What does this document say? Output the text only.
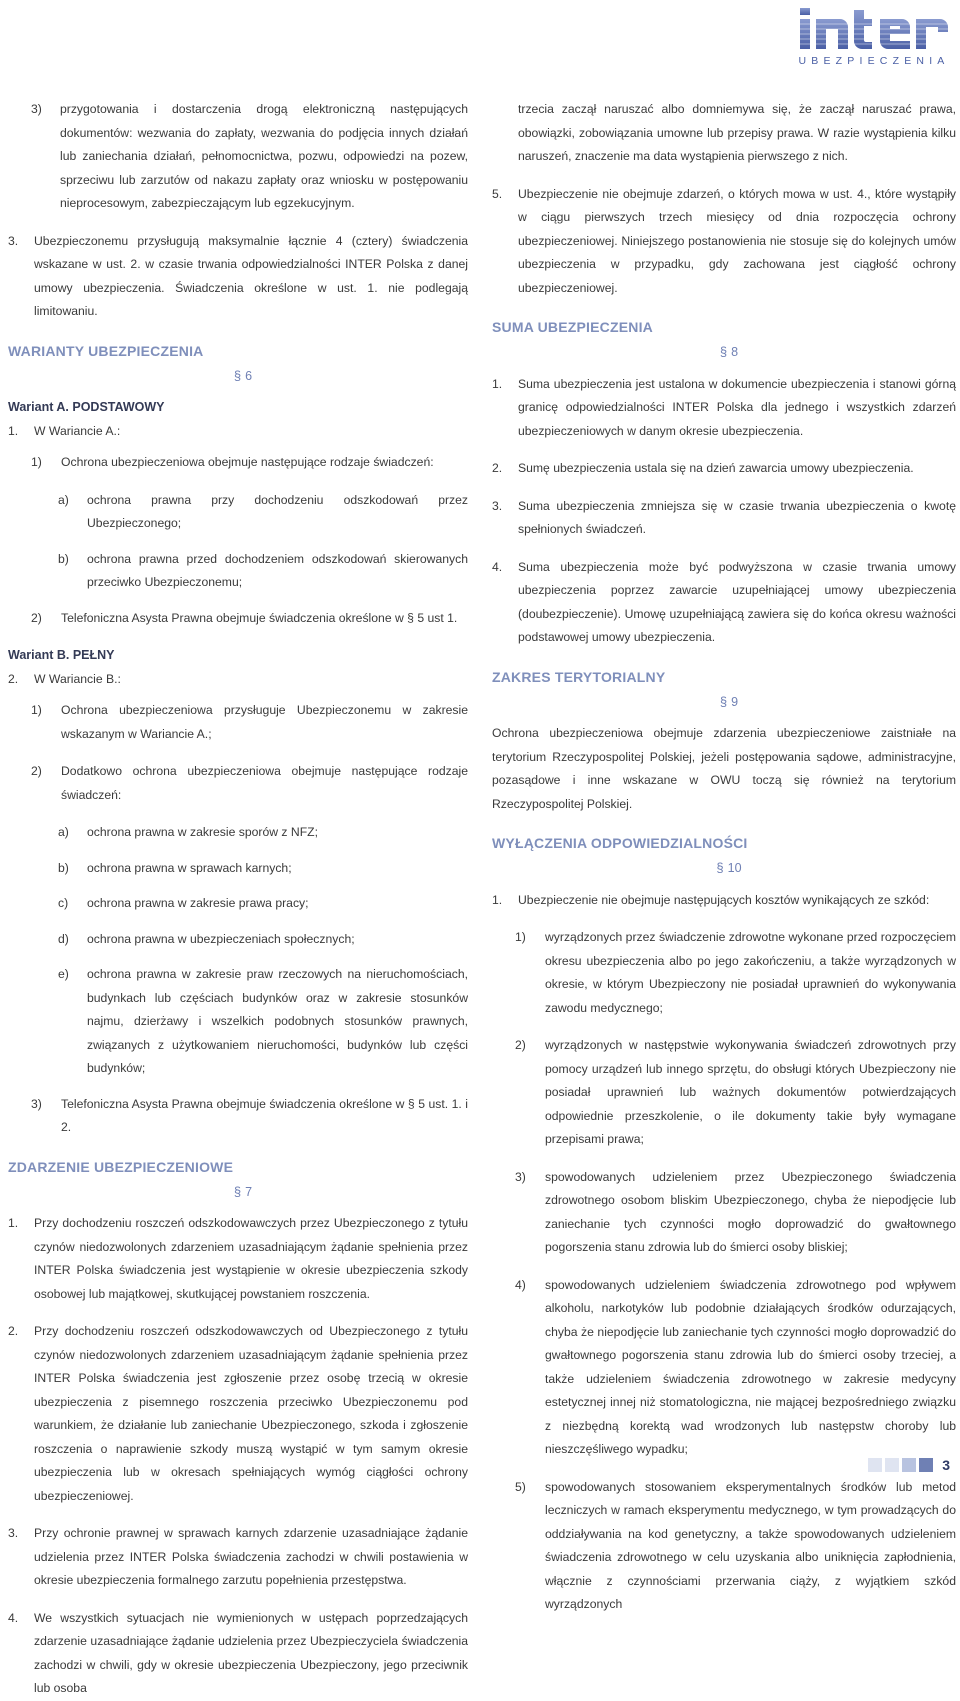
UBEZPIECZENIA
3) przygotowania i dostarczenia drogą elektroniczną następujących dokumentów: wezwania do zapłaty, wezwania do podjęcia innych działań lub zaniechania działań, pełnomocnictwa, pozwu, odpowiedzi na pozew, sprzeciwu lub zarzutów od nakazu zapłaty oraz wniosku w postępowaniu nieprocesowym, zabezpieczającym lub egzekucyjnym.
3. Ubezpieczonemu przysługują maksymalnie łącznie 4 (cztery) świadczenia wskazane w ust. 2. w czasie trwania odpowiedzialności INTER Polska z danej umowy ubezpieczenia. Świadczenia określone w ust. 1. nie podlegają limitowaniu.
WARIANTY UBEZPIECZENIA
§ 6
Wariant A. PODSTAWOWY
1. W Wariancie A.:
1) Ochrona ubezpieczeniowa obejmuje następujące rodzaje świadczeń:
a) ochrona prawna przy dochodzeniu odszkodowań przez Ubezpieczonego;
b) ochrona prawna przed dochodzeniem odszkodowań skierowanych przeciwko Ubezpieczonemu;
2) Telefoniczna Asysta Prawna obejmuje świadczenia określone w § 5 ust 1.
Wariant B. PEŁNY
2. W Wariancie B.:
1) Ochrona ubezpieczeniowa przysługuje Ubezpieczonemu w zakresie wskazanym w Wariancie A.;
2) Dodatkowo ochrona ubezpieczeniowa obejmuje następujące rodzaje świadczeń:
a) ochrona prawna w zakresie sporów z NFZ;
b) ochrona prawna w sprawach karnych;
c) ochrona prawna w zakresie prawa pracy;
d) ochrona prawna w ubezpieczeniach społecznych;
e) ochrona prawna w zakresie praw rzeczowych na nieruchomościach, budynkach lub częściach budynków oraz w zakresie stosunków najmu, dzierżawy i wszelkich podobnych stosunków prawnych, związanych z użytkowaniem nieruchomości, budynków lub części budynków;
3) Telefoniczna Asysta Prawna obejmuje świadczenia określone w § 5 ust. 1. i 2.
ZDARZENIE UBEZPIECZENIOWE
§ 7
1. Przy dochodzeniu roszczeń odszkodowawczych przez Ubezpieczonego z tytułu czynów niedozwolonych zdarzeniem uzasadniającym żądanie spełnienia przez INTER Polska świadczenia jest wystąpienie w okresie ubezpieczenia szkody osobowej lub majątkowej, skutkującej powstaniem roszczenia.
2. Przy dochodzeniu roszczeń odszkodowawczych od Ubezpieczonego z tytułu czynów niedozwolonych zdarzeniem uzasadniającym żądanie spełnienia przez INTER Polska świadczenia jest zgłoszenie przez osobę trzecią w okresie ubezpieczenia z pisemnego roszczenia przeciwko Ubezpieczonemu pod warunkiem, że działanie lub zaniechanie Ubezpieczonego, szkoda i zgłoszenie roszczenia o naprawienie szkody muszą wystąpić w tym samym okresie ubezpieczenia lub w okresach spełniających wymóg ciągłości ochrony ubezpieczeniowej.
3. Przy ochronie prawnej w sprawach karnych zdarzenie uzasadniające żądanie udzielenia przez INTER Polska świadczenia zachodzi w chwili postawienia w okresie ubezpieczenia formalnego zarzutu popełnienia przestępstwa.
4. We wszystkich sytuacjach nie wymienionych w ustępach poprzedzających zdarzenie uzasadniające żądanie udzielenia przez Ubezpieczyciela świadczenia zachodzi w chwili, gdy w okresie ubezpieczenia Ubezpieczony, jego przeciwnik lub osoba
trzecia zaczął naruszać albo domniemywa się, że zaczął naruszać prawa, obowiązki, zobowiązania umowne lub przepisy prawa. W razie wystąpienia kilku naruszeń, znaczenie ma data wystąpienia pierwszego z nich.
5. Ubezpieczenie nie obejmuje zdarzeń, o których mowa w ust. 4., które wystąpiły w ciągu pierwszych trzech miesięcy od dnia rozpoczęcia ochrony ubezpieczeniowej. Niniejszego postanowienia nie stosuje się do kolejnych umów ubezpieczenia w przypadku, gdy zachowana jest ciągłość ochrony ubezpieczeniowej.
SUMA UBEZPIECZENIA
§ 8
1. Suma ubezpieczenia jest ustalona w dokumencie ubezpieczenia i stanowi górną granicę odpowiedzialności INTER Polska dla jednego i wszystkich zdarzeń ubezpieczeniowych w danym okresie ubezpieczenia.
2. Sumę ubezpieczenia ustala się na dzień zawarcia umowy ubezpieczenia.
3. Suma ubezpieczenia zmniejsza się w czasie trwania ubezpieczenia o kwotę spełnionych świadczeń.
4. Suma ubezpieczenia może być podwyższona w czasie trwania umowy ubezpieczenia poprzez zawarcie uzupełniającej umowy ubezpieczenia (doubezpieczenie). Umowę uzupełniającą zawiera się do końca okresu ważności podstawowej umowy ubezpieczenia.
ZAKRES TERYTORIALNY
§ 9
Ochrona ubezpieczeniowa obejmuje zdarzenia ubezpieczeniowe zaistniałe na terytorium Rzeczypospolitej Polskiej, jeżeli postępowania sądowe, administracyjne, pozasądowe i inne wskazane w OWU toczą się również na terytorium Rzeczypospolitej Polskiej.
WYŁĄCZENIA ODPOWIEDZIALNOŚCI
§ 10
1. Ubezpieczenie nie obejmuje następujących kosztów wynikających ze szkód:
1) wyrządzonych przez świadczenie zdrowotne wykonane przed rozpoczęciem okresu ubezpieczenia albo po jego zakończeniu, a także wyrządzonych w okresie, w którym Ubezpieczony nie posiadał uprawnień do wykonywania zawodu medycznego;
2) wyrządzonych w następstwie wykonywania świadczeń zdrowotnych przy pomocy urządzeń lub innego sprzętu, do obsługi których Ubezpieczony nie posiadał uprawnień lub ważnych dokumentów potwierdzających odpowiednie przeszkolenie, o ile dokumenty takie były wymagane przepisami prawa;
3) spowodowanych udzieleniem przez Ubezpieczonego świadczenia zdrowotnego osobom bliskim Ubezpieczonego, chyba że niepodjęcie lub zaniechanie tych czynności mogło doprowadzić do gwałtownego pogorszenia stanu zdrowia lub do śmierci osoby bliskiej;
4) spowodowanych udzieleniem świadczenia zdrowotnego pod wpływem alkoholu, narkotyków lub podobnie działających środków odurzających, chyba że niepodjęcie lub zaniechanie tych czynności mogło doprowadzić do gwałtownego pogorszenia stanu zdrowia lub do śmierci osoby trzeciej, a także udzieleniem świadczenia zdrowotnego w zakresie medycyny estetycznej innej niż stomatologiczna, nie mającej bezpośredniego związku z niezbędną korektą wad wrodzonych lub następstw choroby lub nieszczęśliwego wypadku;
5) spowodowanych stosowaniem eksperymentalnych środków lub metod leczniczych w ramach eksperymentu medycznego, w tym prowadzących do oddziaływania na kod genetyczny, a także spowodowanych udzieleniem świadczenia zdrowotnego w celu uzyskania albo uniknięcia zapłodnienia, włącznie z czynnościami przerwania ciąży, z wyjątkiem szkód wyrządzonych
3
